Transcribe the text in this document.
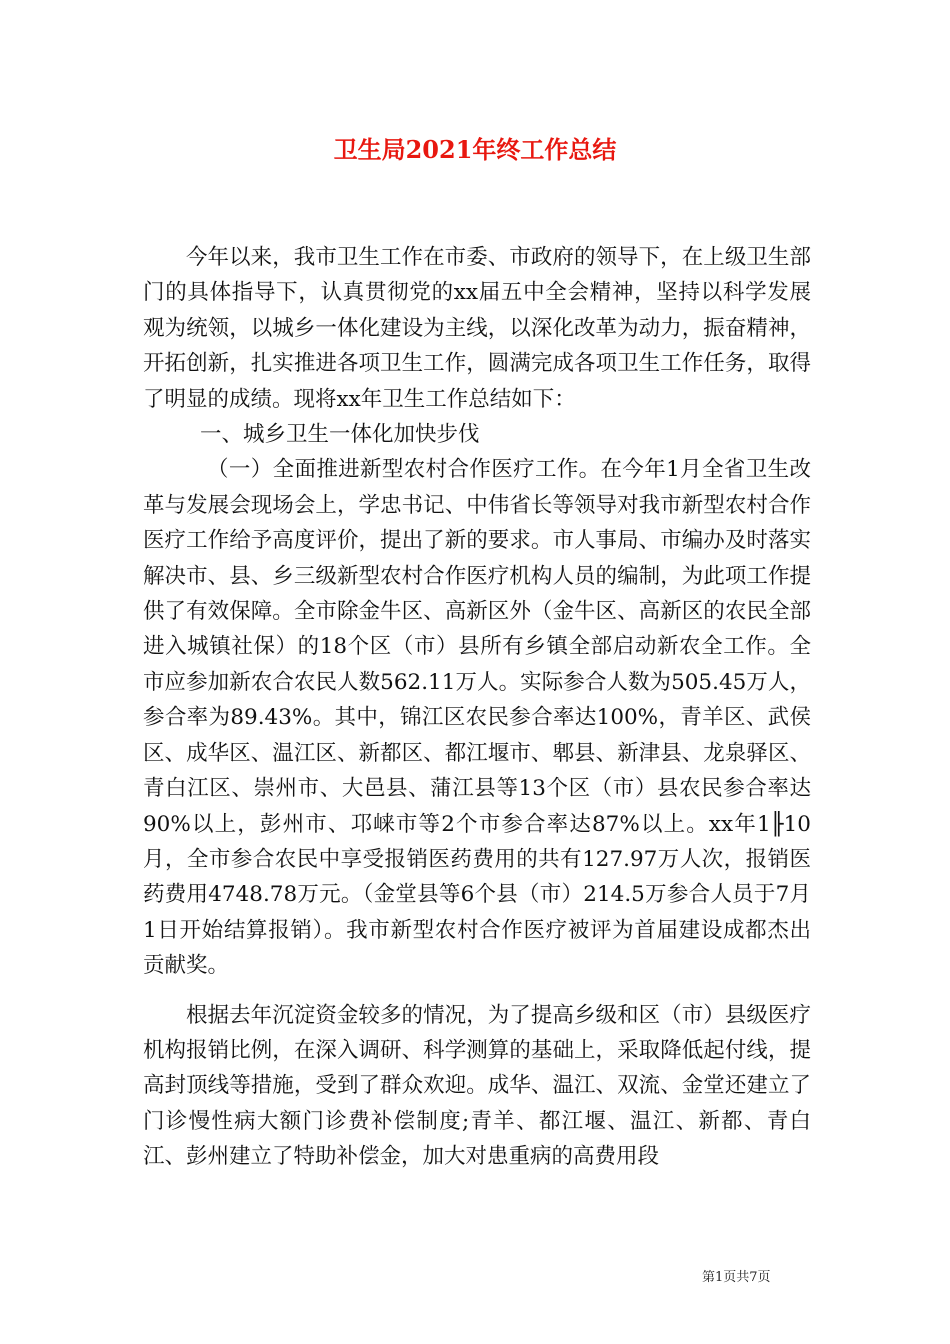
卫生局2021年终工作总结

今年以来，我市卫生工作在市委、市政府的领导下，在上级卫生部门的具体指导下，认真贯彻党的xx届五中全会精神，坚持以科学发展观为统领，以城乡一体化建设为主线，以深化改革为动力，振奋精神，开拓创新，扎实推进各项卫生工作，圆满完成各项卫生工作任务，取得了明显的成绩。现将xx年卫生工作总结如下：

一、城乡卫生一体化加快步伐

（一）全面推进新型农村合作医疗工作。在今年1月全省卫生改革与发展会现场会上，学忠书记、中伟省长等领导对我市新型农村合作医疗工作给予高度评价，提出了新的要求。市人事局、市编办及时落实解决市、县、乡三级新型农村合作医疗机构人员的编制，为此项工作提供了有效保障。全市除金牛区、高新区外（金牛区、高新区的农民全部进入城镇社保）的18个区（市）县所有乡镇全部启动新农全工作。全市应参加新农合农民人数562.11万人。实际参合人数为505.45万人，参合率为89.43%。其中，锦江区农民参合率达100%，青羊区、武侯区、成华区、温江区、新都区、都江堰市、郫县、新津县、龙泉驿区、青白江区、崇州市、大邑县、蒲江县等13个区（市）县农民参合率达90%以上，彭州市、邛崃市等2个市参合率达87%以上。xx年1╟10月，全市参合农民中享受报销医药费用的共有127.97万人次，报销医药费用4748.78万元。（金堂县等6个县（市）214.5万参合人员于7月1日开始结算报销）。我市新型农村合作医疗被评为首届建设成都杰出贡献奖。

根据去年沉淀资金较多的情况，为了提高乡级和区（市）县级医疗机构报销比例，在深入调研、科学测算的基础上，采取降低起付线，提高封顶线等措施，受到了群众欢迎。成华、温江、双流、金堂还建立了门诊慢性病大额门诊费补偿制度;青羊、都江堰、温江、新都、青白江、彭州建立了特助补偿金，加大对患重病的高费用段

第1页共7页
